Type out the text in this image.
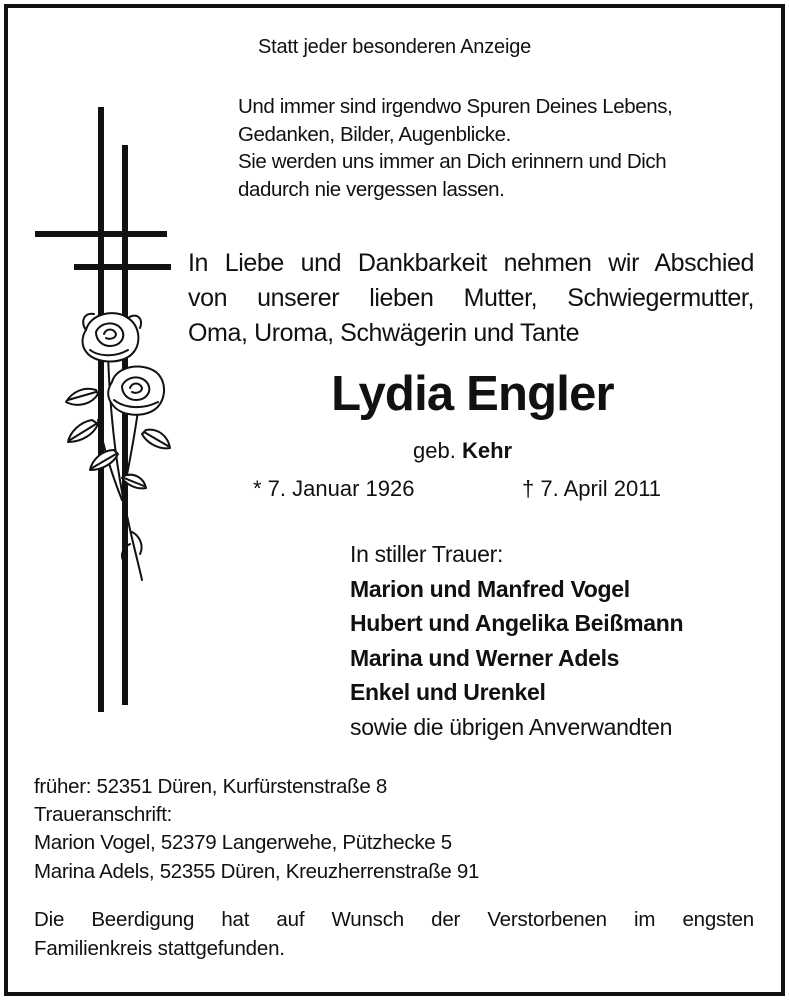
Statt jeder besonderen Anzeige
Und immer sind irgendwo Spuren Deines Lebens,
Gedanken, Bilder, Augenblicke.
Sie werden uns immer an Dich erinnern und Dich
dadurch nie vergessen lassen.
In Liebe und Dankbarkeit nehmen wir Abschied
von unserer lieben Mutter, Schwiegermutter,
Oma, Uroma, Schwägerin und Tante
Lydia Engler
geb. Kehr
* 7. Januar 1926	† 7. April 2011
In stiller Trauer:
Marion und Manfred Vogel
Hubert und Angelika Beißmann
Marina und Werner Adels
Enkel und Urenkel
sowie die übrigen Anverwandten
früher: 52351 Düren, Kurfürstenstraße 8
Traueranschrift:
Marion Vogel, 52379 Langerwehe, Pützhecke 5
Marina Adels, 52355 Düren, Kreuzherrenstraße 91
Die Beerdigung hat auf Wunsch der Verstorbenen im engsten
Familienkreis stattgefunden.
